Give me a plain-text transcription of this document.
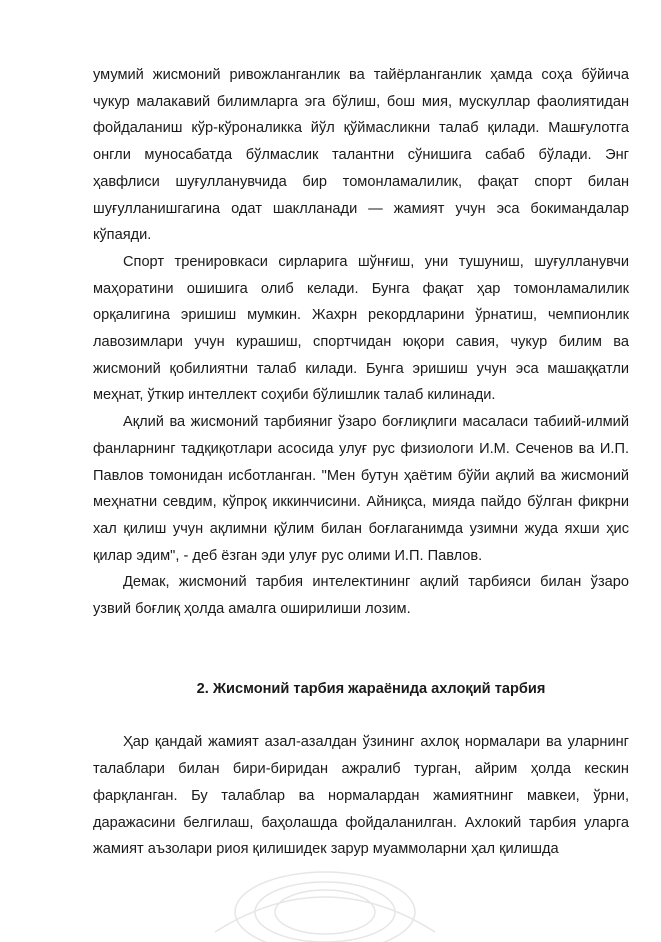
умумий жисмоний ривожланганлик ва тайёрланганлик ҳамда соҳа бўйича чукур малакавий билимларга эга бўлиш, бош мия, мускуллар фаолиятидан фойдаланиш кўр-кўроналикка йўл қўймасликни талаб қилади. Машғулотга онгли муносабатда бўлмаслик талантни сўнишига сабаб бўлади. Энг ҳавфлиси шуғулланувчида бир томонламалилик, фақат спорт билан шуғулланишгагина одат шаклланади — жамият учун эса бокимандалар кўпаяди.

Спорт тренировкаси сирларига шўнғиш, уни тушуниш, шуғулланувчи маҳоратини ошишига олиб келади. Бунга фақат ҳар томонламалилик орқалигина эришиш мумкин. Жахрн рекордларини ўрнатиш, чемпионлик лавозимлари учун курашиш, спортчидан юқори савия, чукур билим ва жисмоний қобилиятни талаб килади. Бунга эришиш учун эса машаққатли меҳнат, ўткир интеллект соҳиби бўлишлик талаб килинади.

Ақлий ва жисмоний тарбияниг ўзаро боғлиқлиги масаласи табиий-илмий фанларнинг тадқиқотлари асосида улуғ рус физиологи И.М. Сеченов ва И.П. Павлов томонидан исботланган. "Мен бутун ҳаётим бўйи ақлий ва жисмоний меҳнатни севдим, кўпроқ иккинчисини. Айниқса, мияда пайдо бўлган фикрни хал қилиш учун ақлимни қўлим билан боғлаганимда узимни жуда яхши ҳис қилар эдим", - деб ёзган эди улуғ рус олими И.П. Павлов.

Демак, жисмоний тарбия интелектининг ақлий тарбияси билан ўзаро узвий боғлиқ ҳолда амалга оширилиши лозим.

2. Жисмоний тарбия жараёнида ахлоқий тарбия

Ҳар қандай жамият азал-азалдан ўзининг ахлоқ нормалари ва уларнинг талаблари билан бири-биридан ажралиб турган, айрим ҳолда кескин фарқланган. Бу талаблар ва нормалардан жамиятнинг мавкеи, ўрни, даражасини белгилаш, баҳолашда фойдаланилган. Ахлокий тарбия уларга жамият аъзолари риоя қилишидек зарур муаммоларни ҳал қилишда
